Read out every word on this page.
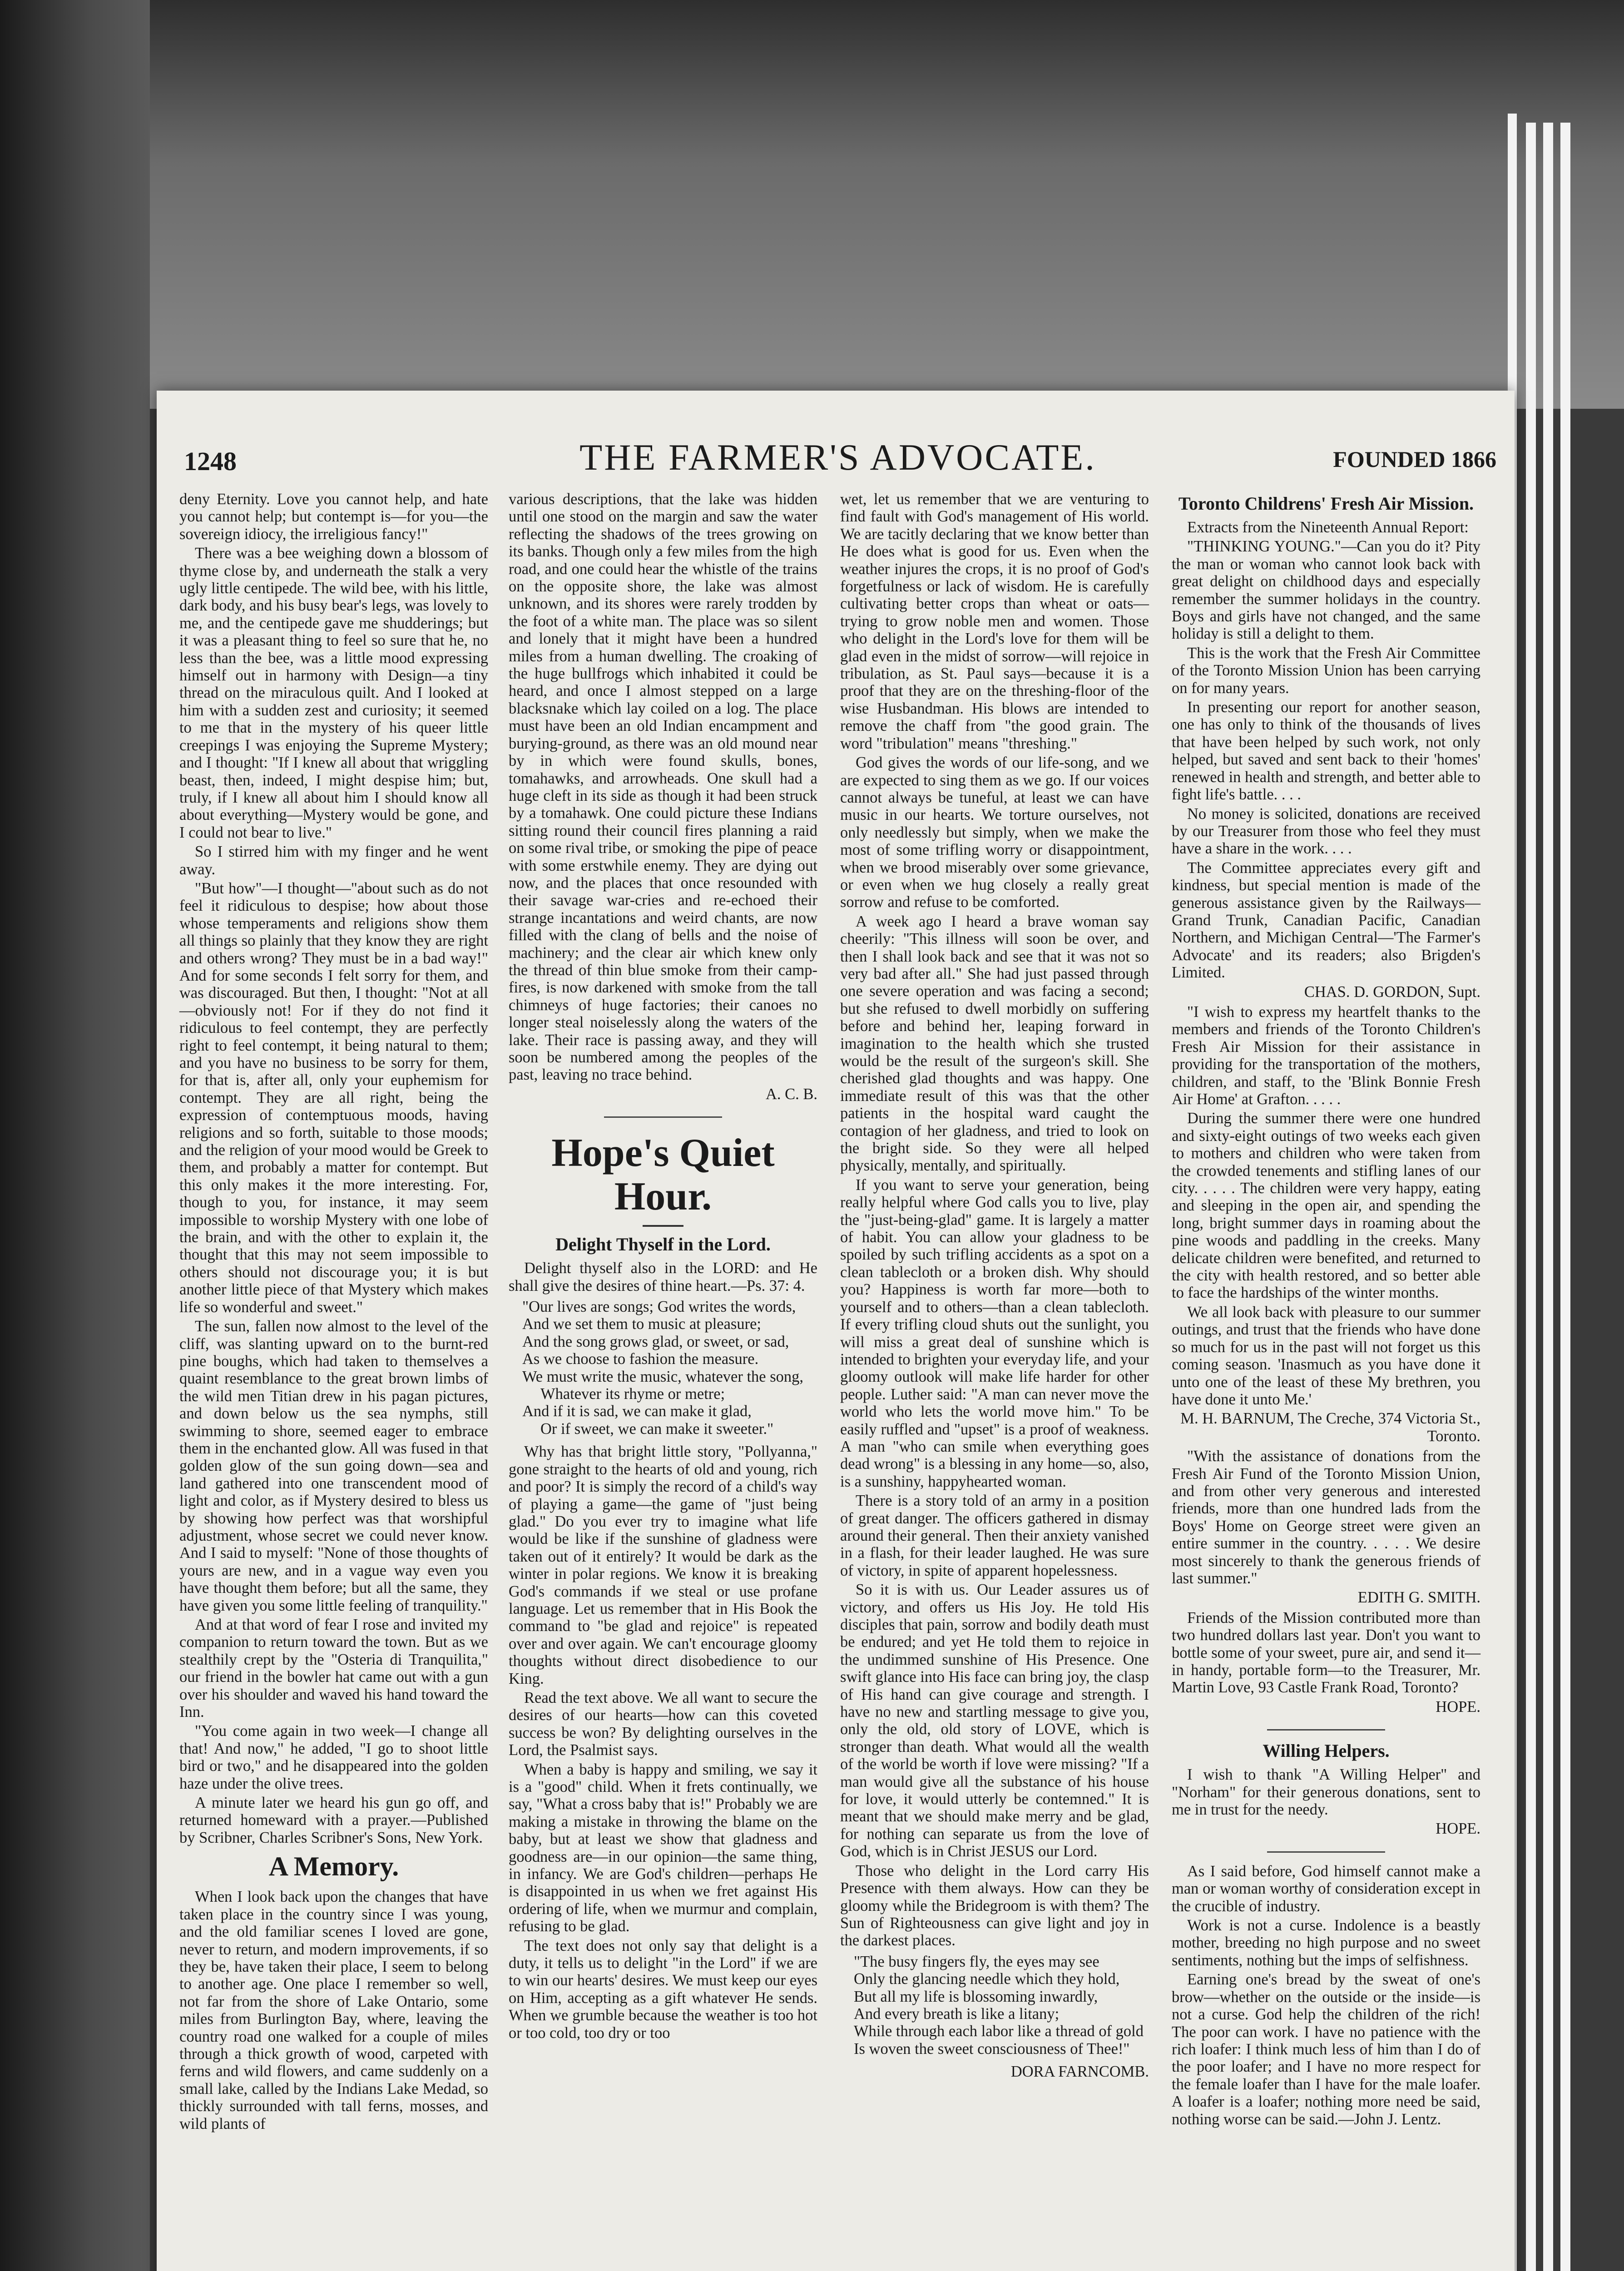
THE FARMER'S ADVOCATE.
1248	FOUNDED 1866

deny Eternity. Love you cannot help, and hate you cannot help; but contempt is—for you—the sovereign idiocy, the irreligious fancy!"

There was a bee weighing down a blossom of thyme close by, and underneath the stalk a very ugly little centipede. The wild bee, with his little, dark body, and his busy bear's legs, was lovely to me, and the centipede gave me shudderings; but it was a pleasant thing to feel so sure that he, no less than the bee, was a little mood expressing himself out in harmony with Design—a tiny thread on the miraculous quilt. And I looked at him with a sudden zest and curiosity; it seemed to me that in the mystery of his queer little creepings I was enjoying the Supreme Mystery; and I thought: "If I knew all about that wriggling beast, then, indeed, I might despise him; but, truly, if I knew all about him I should know all about everything—Mystery would be gone, and I could not bear to live."

So I stirred him with my finger and he went away.

"But how"—I thought—"about such as do not feel it ridiculous to despise; how about those whose temperaments and religions show them all things so plainly that they know they are right and others wrong? They must be in a bad way!" And for some seconds I felt sorry for them, and was discouraged. But then, I thought: "Not at all—obviously not! For if they do not find it ridiculous to feel contempt, they are perfectly right to feel contempt, it being natural to them; and you have no business to be sorry for them, for that is, after all, only your euphemism for contempt. They are all right, being the expression of contemptuous moods, having religions and so forth, suitable to those moods; and the religion of your mood would be Greek to them, and probably a matter for contempt. But this only makes it the more interesting. For, though to you, for instance, it may seem impossible to worship Mystery with one lobe of the brain, and with the other to explain it, the thought that this may not seem impossible to others should not discourage you; it is but another little piece of that Mystery which makes life so wonderful and sweet."

The sun, fallen now almost to the level of the cliff, was slanting upward on to the burnt-red pine boughs, which had taken to themselves a quaint resemblance to the great brown limbs of the wild men Titian drew in his pagan pictures, and down below us the sea nymphs, still swimming to shore, seemed eager to embrace them in the enchanted glow. All was fused in that golden glow of the sun going down—sea and land gathered into one transcendent mood of light and color, as if Mystery desired to bless us by showing how perfect was that worshipful adjustment, whose secret we could never know. And I said to myself: "None of those thoughts of yours are new, and in a vague way even you have thought them before; but all the same, they have given you some little feeling of tranquility."

And at that word of fear I rose and invited my companion to return toward the town. But as we stealthily crept by the "Osteria di Tranquilita," our friend in the bowler hat came out with a gun over his shoulder and waved his hand toward the Inn.

"You come again in two week—I change all that! And now," he added, "I go to shoot little bird or two," and he disappeared into the golden haze under the olive trees.

A minute later we heard his gun go off, and returned homeward with a prayer.—Published by Scribner, Charles Scribner's Sons, New York.

A Memory.

When I look back upon the changes that have taken place in the country since I was young, and the old familiar scenes I loved are gone, never to return, and modern improvements, if so they be, have taken their place, I seem to belong to another age. One place I remember so well, not far from the shore of Lake Ontario, some miles from Burlington Bay, where, leaving the country road one walked for a couple of miles through a thick growth of wood, carpeted with ferns and wild flowers, and came suddenly on a small lake, called by the Indians Lake Medad, so thickly surrounded with tall ferns, mosses, and wild plants of

various descriptions, that the lake was hidden until one stood on the margin and saw the water reflecting the shadows of the trees growing on its banks. Though only a few miles from the high road, and one could hear the whistle of the trains on the opposite shore, the lake was almost unknown, and its shores were rarely trodden by the foot of a white man. The place was so silent and lonely that it might have been a hundred miles from a human dwelling. The croaking of the huge bullfrogs which inhabited it could be heard, and once I almost stepped on a large blacksnake which lay coiled on a log. The place must have been an old Indian encampment and burying-ground, as there was an old mound near by in which were found skulls, bones, tomahawks, and arrowheads. One skull had a huge cleft in its side as though it had been struck by a tomahawk. One could picture these Indians sitting round their council fires planning a raid on some rival tribe, or smoking the pipe of peace with some erstwhile enemy. They are dying out now, and the places that once resounded with their savage war-cries and re-echoed their strange incantations and weird chants, are now filled with the clang of bells and the noise of machinery; and the clear air which knew only the thread of thin blue smoke from their camp-fires, is now darkened with smoke from the tall chimneys of huge factories; their canoes no longer steal noiselessly along the waters of the lake. Their race is passing away, and they will soon be numbered among the peoples of the past, leaving no trace behind.

A. C. B.
Hope's Quiet Hour.
Delight Thyself in the Lord.

Delight thyself also in the LORD: and He shall give the desires of thine heart.—Ps. 37: 4.

"Our lives are songs; God writes the words,
And we set them to music at pleasure;
And the song grows glad, or sweet, or sad,
As we choose to fashion the measure.
We must write the music, whatever the song,
Whatever its rhyme or metre;
And if it is sad, we can make it glad,
Or if sweet, we can make it sweeter."

Why has that bright little story, "Pollyanna," gone straight to the hearts of old and young, rich and poor? It is simply the record of a child's way of playing a game—the game of "just being glad." Do you ever try to imagine what life would be like if the sunshine of gladness were taken out of it entirely? It would be dark as the winter in polar regions. We know it is breaking God's commands if we steal or use profane language. Let us remember that in His Book the command to "be glad and rejoice" is repeated over and over again. We can't encourage gloomy thoughts without direct disobedience to our King.

Read the text above. We all want to secure the desires of our hearts—how can this coveted success be won? By delighting ourselves in the Lord, the Psalmist says.

When a baby is happy and smiling, we say it is a "good" child. When it frets continually, we say, "What a cross baby that is!" Probably we are making a mistake in throwing the blame on the baby, but at least we show that gladness and goodness are—in our opinion—the same thing, in infancy. We are God's children—perhaps He is disappointed in us when we fret against His ordering of life, when we murmur and complain, refusing to be glad.

The text does not only say that delight is a duty, it tells us to delight "in the Lord" if we are to win our hearts' desires. We must keep our eyes on Him, accepting as a gift whatever He sends. When we grumble because the weather is too hot or too cold, too dry or too

wet, let us remember that we are venturing to find fault with God's management of His world. We are tacitly declaring that we know better than He does what is good for us. Even when the weather injures the crops, it is no proof of God's forgetfulness or lack of wisdom. He is carefully cultivating better crops than wheat or oats—trying to grow noble men and women. Those who delight in the Lord's love for them will be glad even in the midst of sorrow—will rejoice in tribulation, as St. Paul says—because it is a proof that they are on the threshing-floor of the wise Husbandman. His blows are intended to remove the chaff from "the good grain. The word "tribulation" means "threshing."

God gives the words of our life-song, and we are expected to sing them as we go. If our voices cannot always be tuneful, at least we can have music in our hearts. We torture ourselves, not only needlessly but simply, when we make the most of some trifling worry or disappointment, when we brood miserably over some grievance, or even when we hug closely a really great sorrow and refuse to be comforted.

A week ago I heard a brave woman say cheerily: "This illness will soon be over, and then I shall look back and see that it was not so very bad after all." She had just passed through one severe operation and was facing a second; but she refused to dwell morbidly on suffering before and behind her, leaping forward in imagination to the health which she trusted would be the result of the surgeon's skill. She cherished glad thoughts and was happy. One immediate result of this was that the other patients in the hospital ward caught the contagion of her gladness, and tried to look on the bright side. So they were all helped physically, mentally, and spiritually.

If you want to serve your generation, being really helpful where God calls you to live, play the "just-being-glad" game. It is largely a matter of habit. You can allow your gladness to be spoiled by such trifling accidents as a spot on a clean tablecloth or a broken dish. Why should you? Happiness is worth far more—both to yourself and to others—than a clean tablecloth. If every trifling cloud shuts out the sunlight, you will miss a great deal of sunshine which is intended to brighten your everyday life, and your gloomy outlook will make life harder for other people. Luther said: "A man can never move the world who lets the world move him." To be easily ruffled and "upset" is a proof of weakness. A man "who can smile when everything goes dead wrong" is a blessing in any home—so, also, is a sunshiny, happyhearted woman.

There is a story told of an army in a position of great danger. The officers gathered in dismay around their general. Then their anxiety vanished in a flash, for their leader laughed. He was sure of victory, in spite of apparent hopelessness.

So it is with us. Our Leader assures us of victory, and offers us His Joy. He told His disciples that pain, sorrow and bodily death must be endured; and yet He told them to rejoice in the undimmed sunshine of His Presence. One swift glance into His face can bring joy, the clasp of His hand can give courage and strength. I have no new and startling message to give you, only the old, old story of LOVE, which is stronger than death. What would all the wealth of the world be worth if love were missing? "If a man would give all the substance of his house for love, it would utterly be contemned." It is meant that we should make merry and be glad, for nothing can separate us from the love of God, which is in Christ JESUS our Lord.

Those who delight in the Lord carry His Presence with them always. How can they be gloomy while the Bridegroom is with them? The Sun of Righteousness can give light and joy in the darkest places.

"The busy fingers fly, the eyes may see
Only the glancing needle which they hold,
But all my life is blossoming inwardly,
And every breath is like a litany;
While through each labor like a thread of gold
Is woven the sweet consciousness of Thee!"
DORA FARNCOMB.
Toronto Childrens' Fresh Air Mission.

Extracts from the Nineteenth Annual Report:

"THINKING YOUNG."—Can you do it? Pity the man or woman who cannot look back with great delight on childhood days and especially remember the summer holidays in the country. Boys and girls have not changed, and the same holiday is still a delight to them.

This is the work that the Fresh Air Committee of the Toronto Mission Union has been carrying on for many years.

In presenting our report for another season, one has only to think of the thousands of lives that have been helped by such work, not only helped, but saved and sent back to their 'homes' renewed in health and strength, and better able to fight life's battle. . . .

No money is solicited, donations are received by our Treasurer from those who feel they must have a share in the work. . . .

The Committee appreciates every gift and kindness, but special mention is made of the generous assistance given by the Railways—Grand Trunk, Canadian Pacific, Canadian Northern, and Michigan Central—'The Farmer's Advocate' and its readers; also Brigden's Limited.

CHAS. D. GORDON, Supt.

"I wish to express my heartfelt thanks to the members and friends of the Toronto Children's Fresh Air Mission for their assistance in providing for the transportation of the mothers, children, and staff, to the 'Blink Bonnie Fresh Air Home' at Grafton. . . . .

During the summer there were one hundred and sixty-eight outings of two weeks each given to mothers and children who were taken from the crowded tenements and stifling lanes of our city. . . . . The children were very happy, eating and sleeping in the open air, and spending the long, bright summer days in roaming about the pine woods and paddling in the creeks. Many delicate children were benefited, and returned to the city with health restored, and so better able to face the hardships of the winter months.

We all look back with pleasure to our summer outings, and trust that the friends who have done so much for us in the past will not forget us this coming season. 'Inasmuch as you have done it unto one of the least of these My brethren, you have done it unto Me.'

M. H. BARNUM, The Creche, 374 Victoria St., Toronto.

"With the assistance of donations from the Fresh Air Fund of the Toronto Mission Union, and from other very generous and interested friends, more than one hundred lads from the Boys' Home on George street were given an entire summer in the country. . . . . We desire most sincerely to thank the generous friends of last summer."

EDITH G. SMITH.

Friends of the Mission contributed more than two hundred dollars last year. Don't you want to bottle some of your sweet, pure air, and send it—in handy, portable form—to the Treasurer, Mr. Martin Love, 93 Castle Frank Road, Toronto?

HOPE.
Willing Helpers.

I wish to thank "A Willing Helper" and "Norham" for their generous donations, sent to me in trust for the needy.

HOPE.

As I said before, God himself cannot make a man or woman worthy of consideration except in the crucible of industry.

Work is not a curse. Indolence is a beastly mother, breeding no high purpose and no sweet sentiments, nothing but the imps of selfishness.

Earning one's bread by the sweat of one's brow—whether on the outside or the inside—is not a curse. God help the children of the rich! The poor can work. I have no patience with the rich loafer: I think much less of him than I do of the poor loafer; and I have no more respect for the female loafer than I have for the male loafer. A loafer is a loafer; nothing more need be said, nothing worse can be said.—John J. Lentz.
